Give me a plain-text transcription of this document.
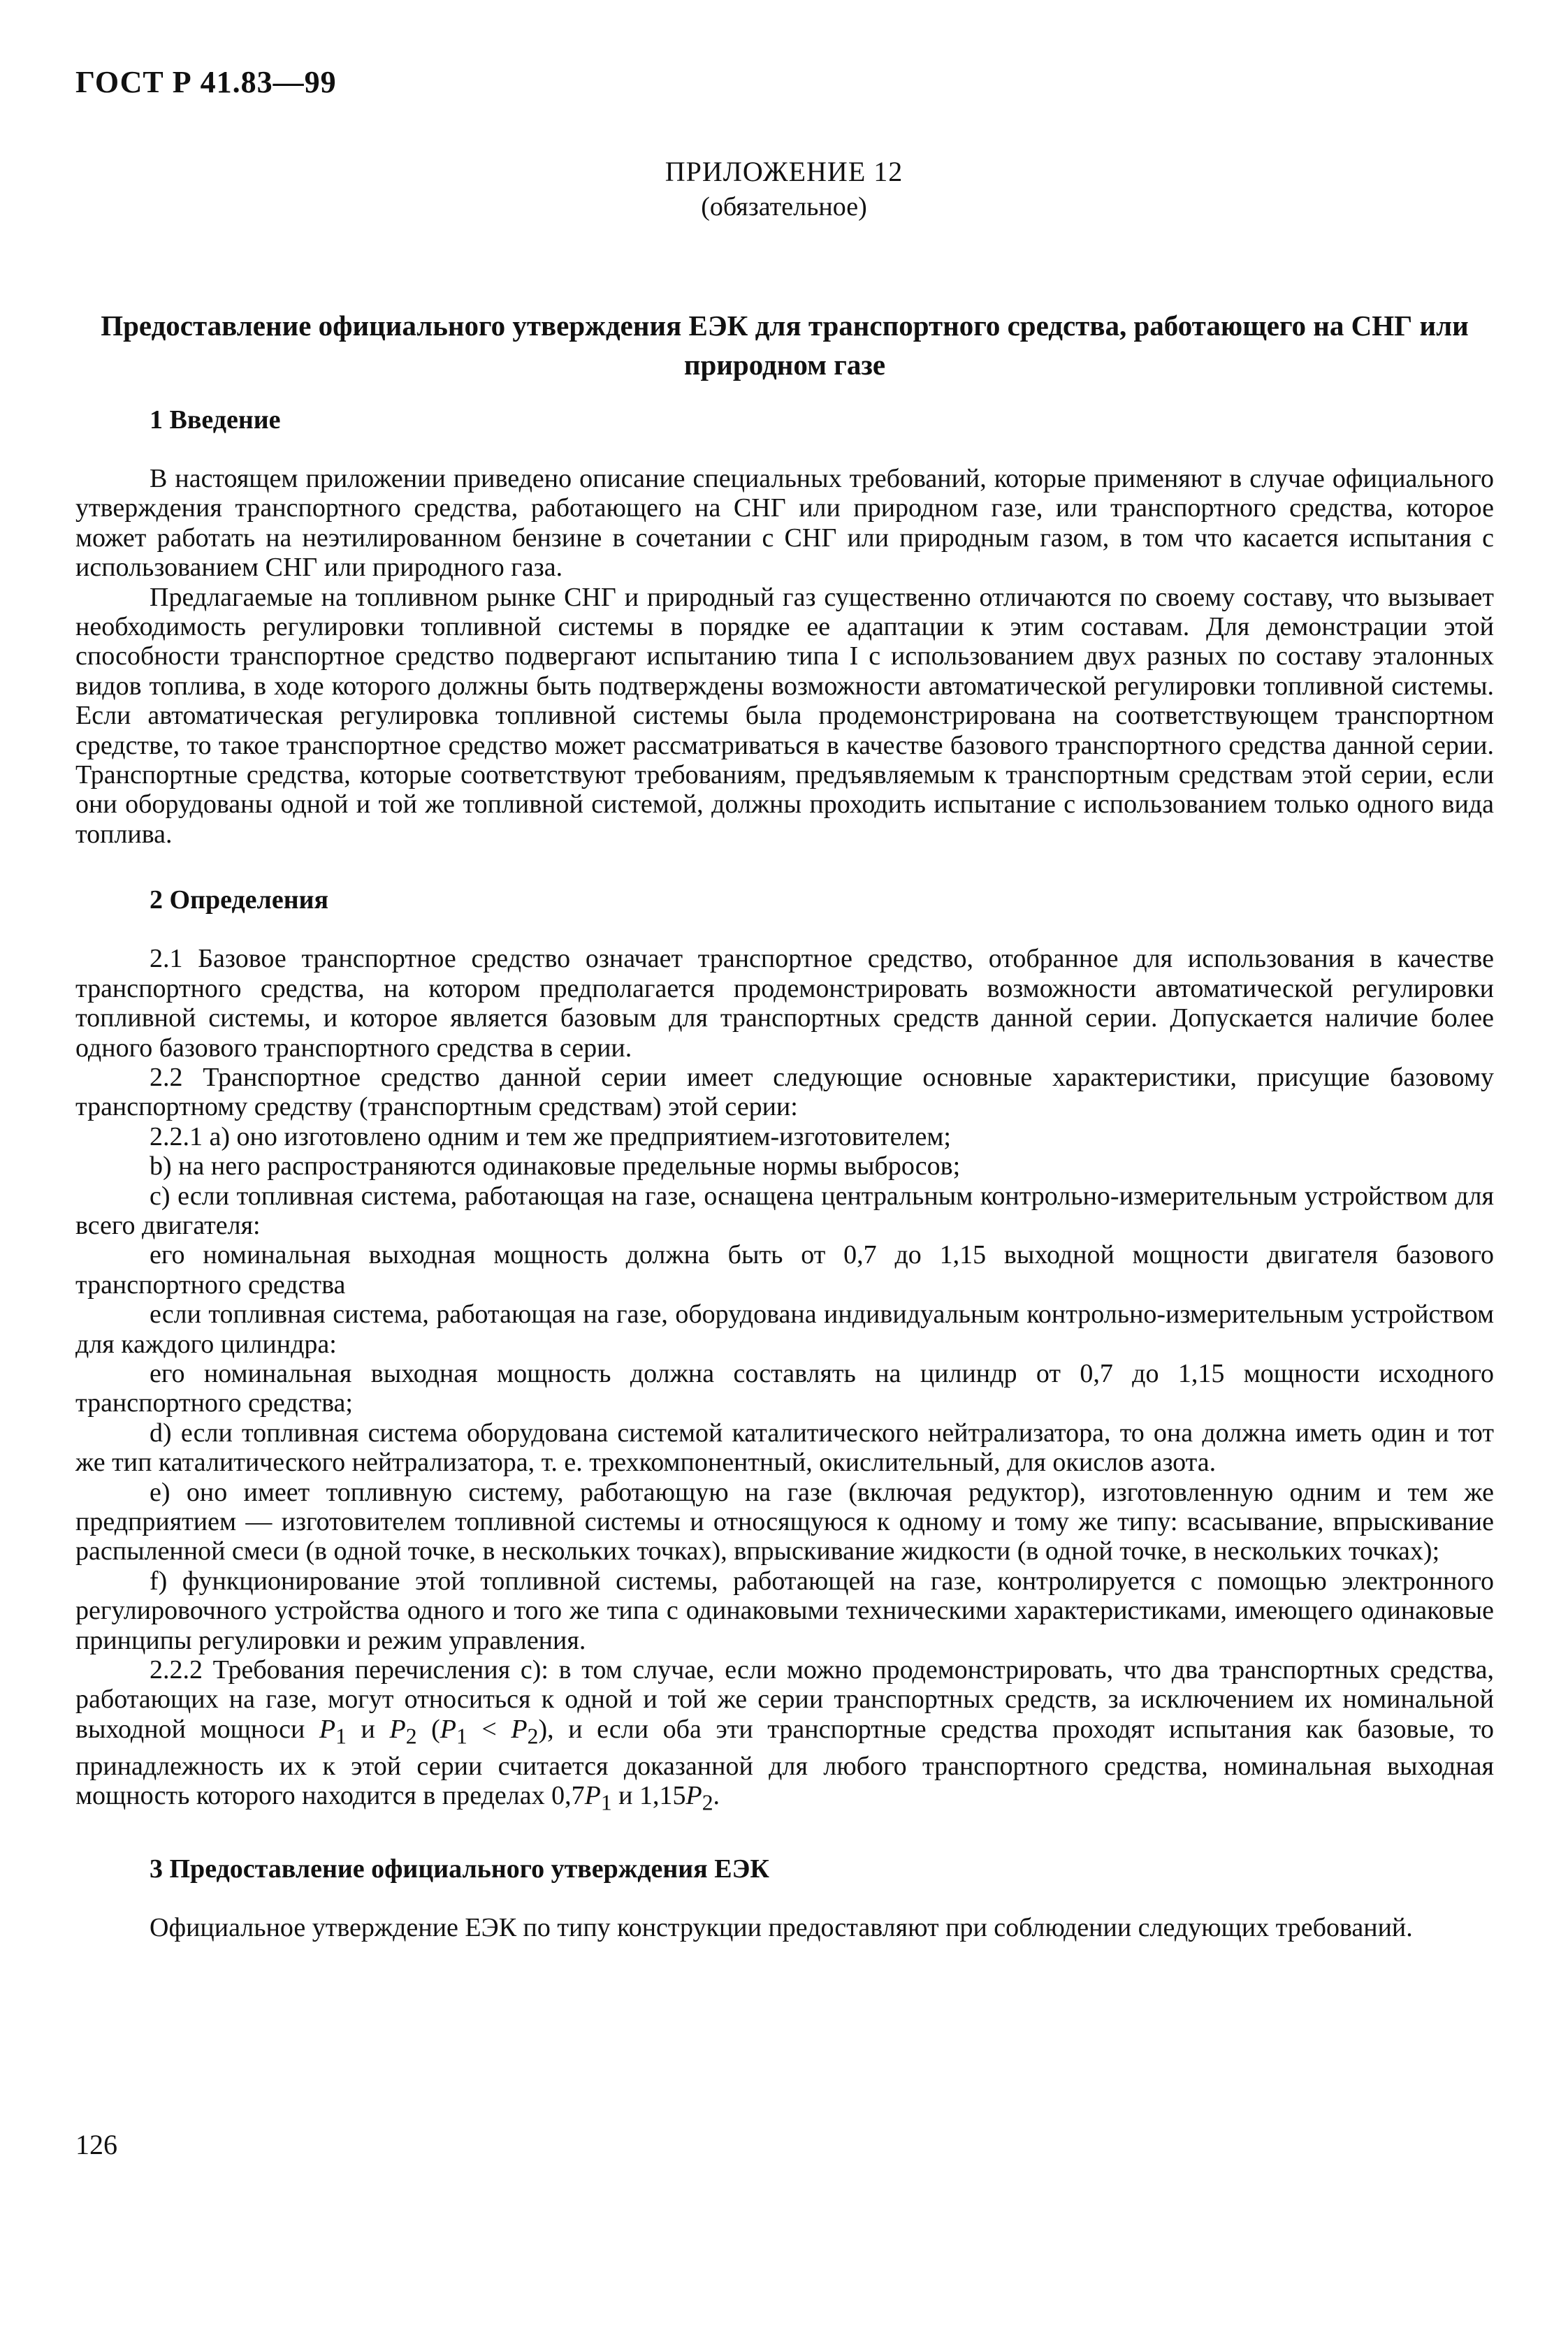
ГОСТ Р 41.83—99
ПРИЛОЖЕНИЕ 12
(обязательное)
Предоставление официального утверждения ЕЭК для транспортного средства, работающего на СНГ или природном газе
1 Введение

В настоящем приложении приведено описание специальных требований, которые применяют в случае официального утверждения транспортного средства, работающего на СНГ или природном газе, или транспортного средства, которое может работать на неэтилированном бензине в сочетании с СНГ или природным газом, в том что касается испытания с использованием СНГ или природного газа.

Предлагаемые на топливном рынке СНГ и природный газ существенно отличаются по своему составу, что вызывает необходимость регулировки топливной системы в порядке ее адаптации к этим составам. Для демонстрации этой способности транспортное средство подвергают испытанию типа I с использованием двух разных по составу эталонных видов топлива, в ходе которого должны быть подтверждены возможности автоматической регулировки топливной системы. Если автоматическая регулировка топливной системы была продемонстрирована на соответствующем транспортном средстве, то такое транспортное средство может рассматриваться в качестве базового транспортного средства данной серии. Транспортные средства, которые соответствуют требованиям, предъявляемым к транспортным средствам этой серии, если они оборудованы одной и той же топливной системой, должны проходить испытание с использованием только одного вида топлива.

2 Определения

2.1 Базовое транспортное средство означает транспортное средство, отобранное для использования в качестве транспортного средства, на котором предполагается продемонстрировать возможности автоматической регулировки топливной системы, и которое является базовым для транспортных средств данной серии. Допускается наличие более одного базового транспортного средства в серии.

2.2 Транспортное средство данной серии имеет следующие основные характеристики, присущие базовому транспортному средству (транспортным средствам) этой серии:

2.2.1 а) оно изготовлено одним и тем же предприятием-изготовителем;

b) на него распространяются одинаковые предельные нормы выбросов;

c) если топливная система, работающая на газе, оснащена центральным контрольно-измерительным устройством для всего двигателя:

его номинальная выходная мощность должна быть от 0,7 до 1,15 выходной мощности двигателя базового транспортного средства

если топливная система, работающая на газе, оборудована индивидуальным контрольно-измерительным устройством для каждого цилиндра:

его номинальная выходная мощность должна составлять на цилиндр от 0,7 до 1,15 мощности исходного транспортного средства;

d) если топливная система оборудована системой каталитического нейтрализатора, то она должна иметь один и тот же тип каталитического нейтрализатора, т. е. трехкомпонентный, окислительный, для окислов азота.

e) оно имеет топливную систему, работающую на газе (включая редуктор), изготовленную одним и тем же предприятием — изготовителем топливной системы и относящуюся к одному и тому же типу: всасывание, впрыскивание распыленной смеси (в одной точке, в нескольких точках), впрыскивание жидкости (в одной точке, в нескольких точках);

f) функционирование этой топливной системы, работающей на газе, контролируется с помощью электронного регулировочного устройства одного и того же типа с одинаковыми техническими характеристиками, имеющего одинаковые принципы регулировки и режим управления.

2.2.2 Требования перечисления с): в том случае, если можно продемонстрировать, что два транспортных средства, работающих на газе, могут относиться к одной и той же серии транспортных средств, за исключением их номинальной выходной мощноси $P_1$ и $P_2$ $(P_1 < P_2)$, и если оба эти транспортные средства проходят испытания как базовые, то принадлежность их к этой серии считается доказанной для любого транспортного средства, номинальная выходная мощность которого находится в пределах $0,7P_1$ и $1,15P_2$.

3 Предоставление официального утверждения ЕЭК

Официальное утверждение ЕЭК по типу конструкции предоставляют при соблюдении следующих требований.

126
